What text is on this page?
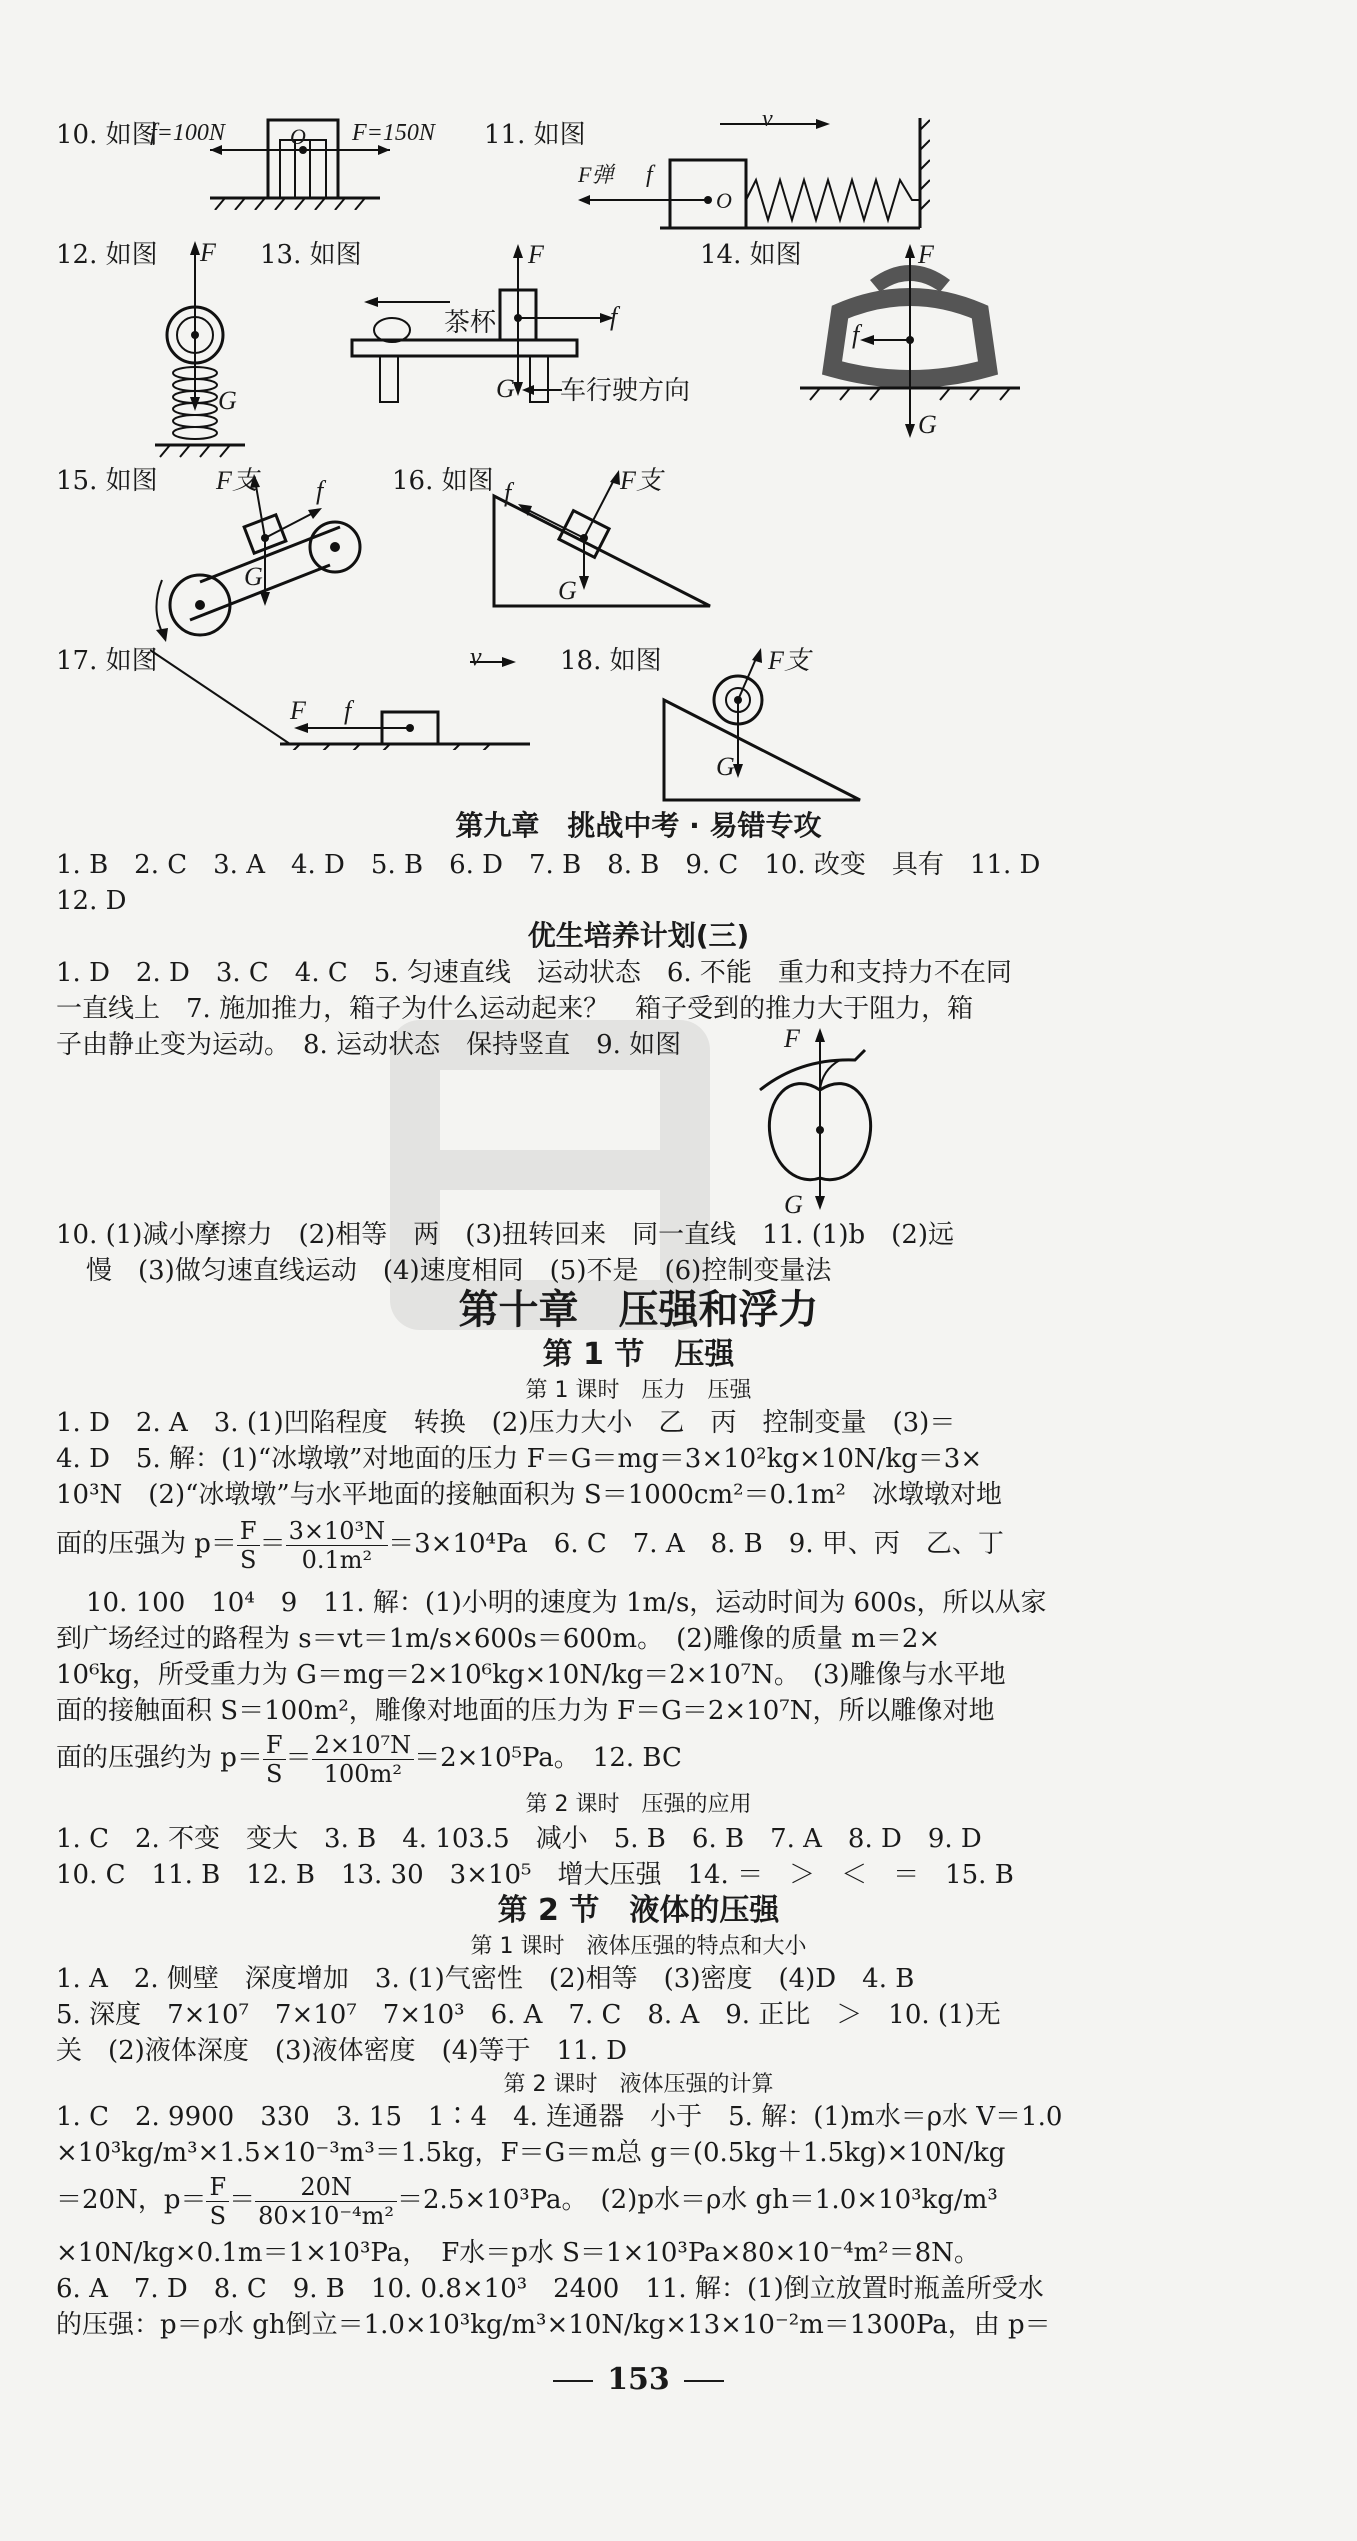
10. 如图
f=100N	O F=150N 11. 如图
v
F弹 f
O
12. 如图 F
G
13. 如图
茶杯
F
f
G 车行驶方向
14. 如图	F
f
G
15. 如图 F支 f
G
16. 如图 f	F支
G
17. 如图	v
F f
18. 如图	F支
G
第九章　挑战中考 · 易错专攻
1. B　2. C　3. A　4. D　5. B　6. D　7. B　8. B　9. C　10. 改变　具有　11. D
12. D
优生培养计划(三)
1. D　2. D　3. C　4. C　5. 匀速直线　运动状态　6. 不能　重力和支持力不在同
一直线上　7. 施加推力，箱子为什么运动起来？　箱子受到的推力大于阻力，箱
子由静止变为运动。　8. 运动状态　保持竖直　9. 如图	F
G
10. (1)减小摩擦力　(2)相等　两　(3)扭转回来　同一直线　11. (1)b　(2)远
慢　(3)做匀速直线运动　(4)速度相同　(5)不是　(6)控制变量法
第十章　压强和浮力
第 1 节　压强
第 1 课时　压力　压强
1. D　2. A　3. (1)凹陷程度　转换　(2)压力大小　乙　丙　控制变量　(3)＝
4. D　5. 解：(1)“冰墩墩”对地面的压力 F＝G＝mg＝3×10²kg×10N/kg＝3×
10³N　(2)“冰墩墩”与水平地面的接触面积为 S＝1000cm²＝0.1m²　冰墩墩对地
面的压强为 $p= \frac{F}{S} = \frac{\text{3×10³N}}{\text{0.1m²}} =3\times 10^4Pa$　6. C　7. A　8. B　9. 甲、丙　乙、丁
10. 100　10⁴　9　11. 解：(1)小明的速度为 1m/s，运动时间为 600s，所以从家
到广场经过的路程为 s＝vt＝1m/s×600s＝600m。　(2)雕像的质量 m＝2×
10⁶kg，所受重力为 G＝mg＝2×10⁶kg×10N/kg＝2×10⁷N。　(3)雕像与水平地
面的接触面积 S＝100m²，雕像对地面的压力为 F＝G＝2×10⁷N，所以雕像对地
面的压强约为 $p= \frac{F}{S} = \frac{\text{2×10⁷N}}{\text{100m²}} =2\times 10^5Pa$。　12. BC
第 2 课时　压强的应用
1. C　2. 不变　变大　3. B　4. 103.5　减小　5. B　6. B　7. A　8. D　9. D
10. C　11. B　12. B　13. 30　3×10⁵　增大压强　14. ＝　＞　＜　＝　15. B
第 2 节　液体的压强
第 1 课时　液体压强的特点和大小
1. A　2. 侧壁　深度增加　3. (1)气密性　(2)相等　(3)密度　(4)D　4. B
5. 深度　7×10⁷　7×10⁷　7×10³　6. A　7. C　8. A　9. 正比　＞　10. (1)无
关　(2)液体深度　(3)液体密度　(4)等于　11. D
第 2 课时　液体压强的计算
1. C　2. 9900　330　3. 15　1∶4　4. 连通器　小于　5. 解：(1)m水＝ρ水 V＝1.0
×10³kg/m³×1.5×10⁻³m³＝1.5kg，F＝G＝m总 g＝(0.5kg＋1.5kg)×10N/kg
＝20N，$p= \frac{F}{S} = \frac{20N}{\text{80×10⁻⁴m²}} =2.5\times 10^3Pa$。　(2)p水＝ρ水 gh＝1.0×10³kg/m³
×10N/kg×0.1m＝1×10³Pa，　F水＝p水 S＝1×10³Pa×80×10⁻⁴m²＝8N。
6. A　7. D　8. C　9. B　10. 0.8×10³　2400　11. 解：(1)倒立放置时瓶盖所受水
的压强：p＝ρ水 gh倒立＝1.0×10³kg/m³×10N/kg×13×10⁻²m＝1300Pa，由 p＝
153
